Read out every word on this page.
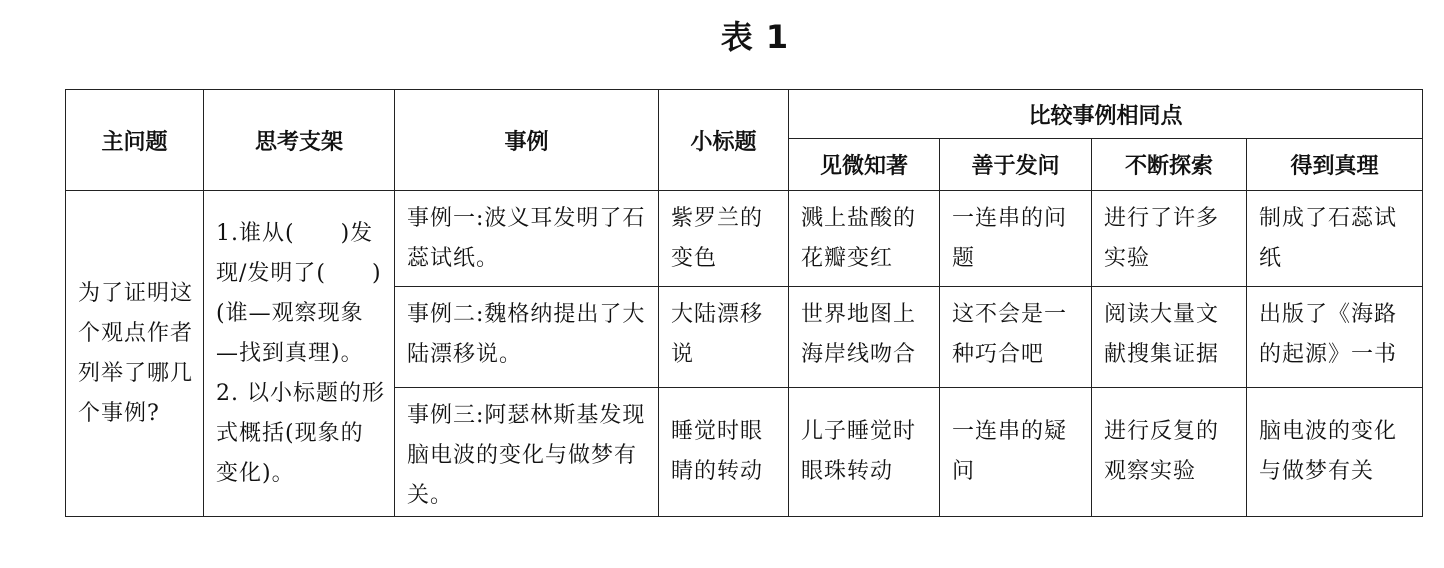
表 1
主问题	思考支架	事例	小标题	比较事例相同点			
				见微知著	善于发问	不断探索	得到真理
为了证明这个观点作者列举了哪几个事例?	1.谁从(　　)发现/发明了(　　)(谁—观察现象—找到真理)。2. 以小标题的形式概括(现象的变化)。	事例一:波义耳发明了石蕊试纸。	紫罗兰的变色	溅上盐酸的花瓣变红	一连串的问题	进行了许多实验	制成了石蕊试纸
		事例二:魏格纳提出了大陆漂移说。	大陆漂移说	世界地图上海岸线吻合	这不会是一种巧合吧	阅读大量文献搜集证据	出版了《海路的起源》一书
		事例三:阿瑟林斯基发现脑电波的变化与做梦有关。	睡觉时眼睛的转动	儿子睡觉时眼珠转动	一连串的疑问	进行反复的观察实验	脑电波的变化与做梦有关
